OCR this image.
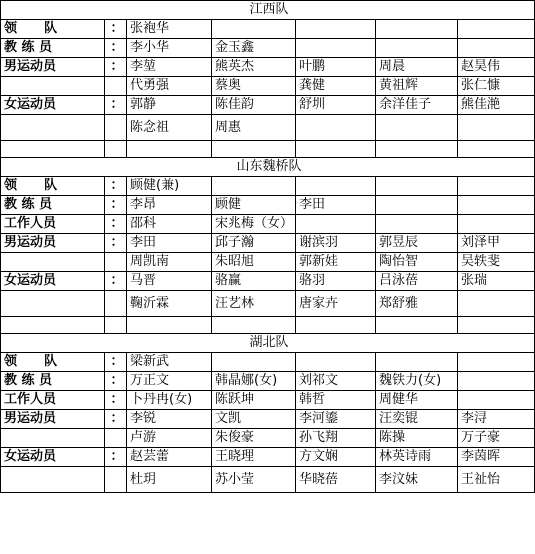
江西队						
领      队	：	张袍华				
教 练 员	：	李小华	金玉鑫			
男运动员	：	李堃	熊英杰	叶鹏	周晨	赵昊伟
		代勇强	蔡奥	龚健	黄祖辉	张仁慷
女运动员	：	郭静	陈佳韵	舒圳	余洋佳子	熊佳滟
		陈念祖	周惠			

山东魏桥队						
领      队	：	顾健(兼)				
教 练 员	：	李昂	顾健	李田		
工作人员	：	邵科	宋兆梅（女）			
男运动员	：	李田	邱子瀚	谢滨羽	郭昱辰	刘泽甲
		周凯南	朱昭旭	郭新娃	陶怡智	吴轶斐
女运动员	：	马晋	骆赢	骆羽	吕泳蓓	张瑞
		鞠沂霖	汪艺林	唐家卉	郑舒雅	

湖北队						
领      队	：	梁新武				
教 练 员	：	万正文	韩晶娜(女)	刘祁文	魏铁力(女)	
工作人员	：	卜丹冉(女)	陈跃坤	韩哲	周健华	
男运动员	：	李锐	文凯	李河鎏	汪奕锟	李浔
		卢游	朱俊豪	孙飞翔	陈操	万子豪
女运动员	：	赵芸蕾	王晓理	方文娴	林英诗雨	李茵晖
		杜玥	苏小莹	华晓蓓	李汶妹	王祉怡
